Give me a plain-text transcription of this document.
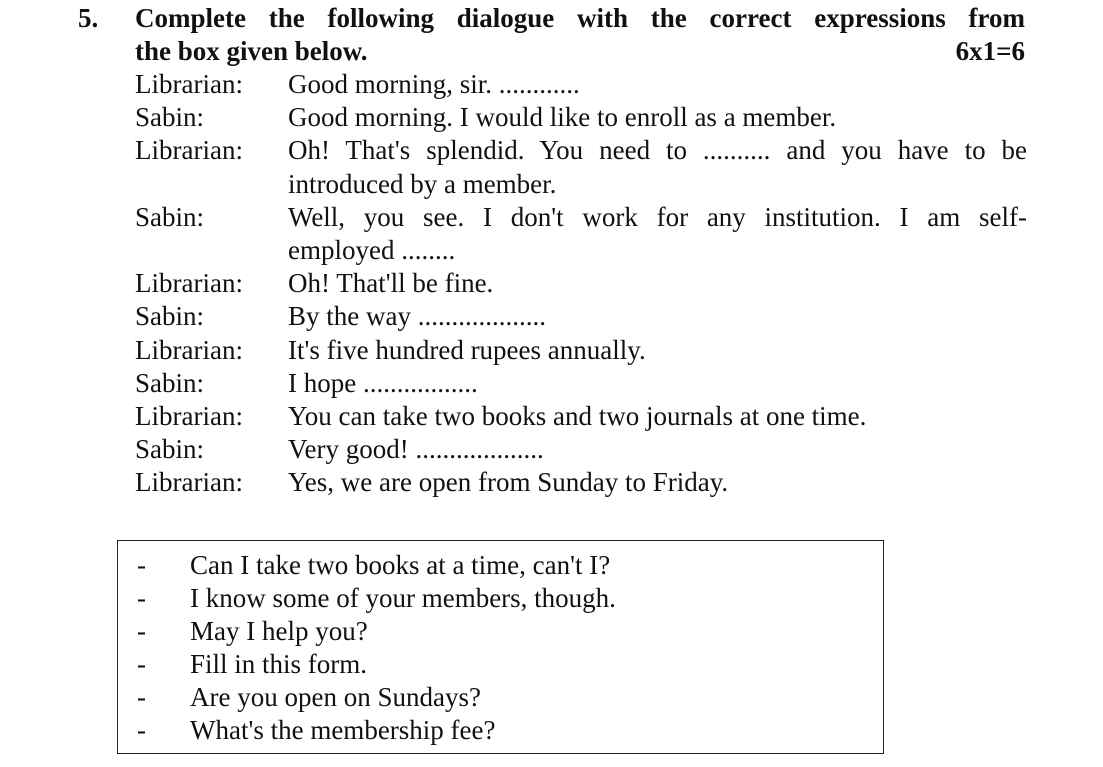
5. Complete the following dialogue with the correct expressions from
the box given below.	6x1=6
Librarian:	Good morning, sir. ............
Sabin:	Good morning. I would like to enroll as a member.
Librarian:	Oh! That's splendid. You need to .......... and you have to be
introduced by a member.
Sabin:	Well, you see. I don't work for any institution. I am self-
employed ........
Librarian:	Oh! That'll be fine.
Sabin:	By the way ...................
Librarian:	It's five hundred rupees annually.
Sabin:	I hope .................
Librarian:	You can take two books and two journals at one time.
Sabin:	Very good! ...................
Librarian:	Yes, we are open from Sunday to Friday.
- Can I take two books at a time, can't I?
- I know some of your members, though.
- May I help you?
- Fill in this form.
- Are you open on Sundays?
- What's the membership fee?
